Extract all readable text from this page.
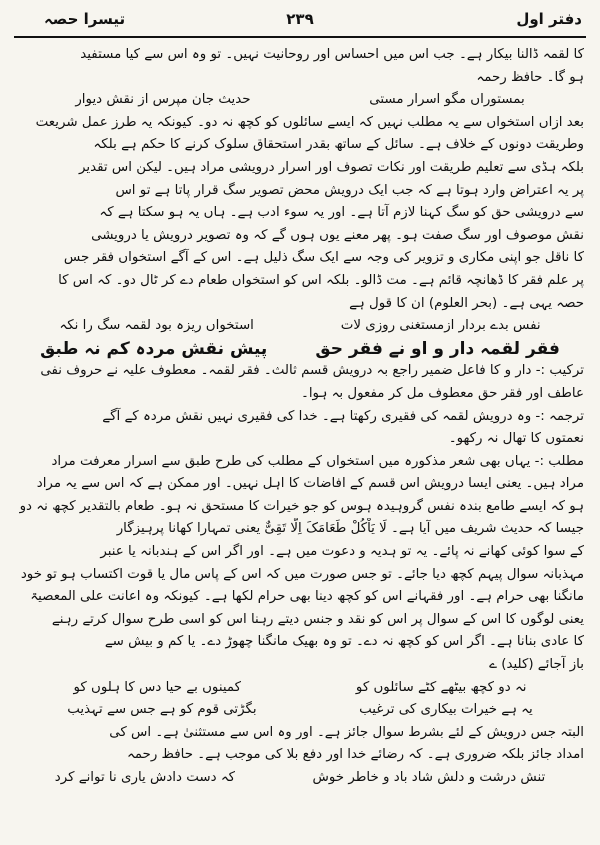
دفتر اول
٢٣٩
تیسرا حصہ
کا لقمہ ڈالنا بیکار ہے۔ جب اس میں احساس اور روحانیت نہیں۔ تو وہ اس سے کیا مستفید
ہو گا۔ حافظ رحمہ
بمستوراں مگو اسرار مستی
حدیث جان مپرس از نقش دیوار
بعد ازاں استخواں سے یہ مطلب نہیں کہ ایسے سائلوں کو کچھ نہ دو۔ کیونکہ یہ طرز عمل شریعت
وطریقت دونوں کے خلاف ہے۔ سائل کے ساتھ بقدر استحقاق سلوک کرنے کا حکم ہے بلکہ
بلکہ ہڈی سے تعلیم طریقت اور نکات تصوف اور اسرار درویشی مراد ہیں۔ لیکن اس تقدیر
پر یہ اعتراض وارد ہوتا ہے کہ جب ایک درویش محض تصویر سگ قرار پاتا ہے تو اس
سے درویشی حق کو سگ کہنا لازم آتا ہے۔ اور یہ سوء ادب ہے۔ ہاں یہ ہو سکتا ہے کہ
نقش موصوف اور سگ صفت ہو۔ پھر معنے یوں ہوں گے کہ وہ تصویر درویش یا درویشی
کا ناقل جو اپنی مکاری و تزویر کی وجہ سے ایک سگ ذلیل ہے۔ اس کے آگے استخواں فقر جس
پر علم فقر کا ڈھانچہ قائم ہے۔ مت ڈالو۔ بلکہ اس کو استخواں طعام دے کر ٹال دو۔ کہ اس کا
حصہ یہی ہے۔ (بحر العلوم) ان کا قول ہے
نفس بدے بردار ازمستغنی روزی لات
استخواں ریزہ بود لقمہ سگ را نکہ
فقر لقمہ دار و او نے فقر حق
پیش نقش مردہ کم نہ طبق
ترکیب :- دار و کا فاعل ضمیر راجع بہ درویش قسم ثالث۔ فقر لقمہ۔ معطوف علیہ نے حروف نفی
عاطف اور فقر حق معطوف مل کر مفعول بہ ہوا۔
ترجمہ :- وہ درویش لقمہ کی فقیری رکھتا ہے۔ خدا کی فقیری نہیں نقش مردہ کے آگے
نعمتوں کا تھال نہ رکھو۔
مطلب :- یہاں بھی شعر مذکورہ میں استخواں کے مطلب کی طرح طبق سے اسرار معرفت مراد
مراد ہیں۔ یعنی ایسا درویش اس قسم کے افاضات کا اہل نہیں۔ اور ممکن ہے کہ اس سے یہ مراد
ہو کہ ایسے طامع بندہ نفس گروہیدہ ہوس کو جو خیرات کا مستحق نہ ہو۔ طعام بالتقدیر کچھ نہ دو
جیسا کہ حدیث شریف میں آیا ہے۔ لَا یَاْکُلْ طَعَامَکَ اِلَّا تَقِیٌّ یعنی تمہارا کھانا پرہیزگار
کے سوا کوئی کھانے نہ پائے۔ یہ تو ہدیہ و دعوت میں ہے۔ اور اگر اس کے ہندبانہ یا عنبر
مہذبانہ سوال پیہم کچھ دیا جائے۔ تو جس صورت میں کہ اس کے پاس مال یا قوت اکتساب ہو تو خود
مانگنا بھی حرام ہے۔ اور فقہانے اس کو کچھ دینا بھی حرام لکھا ہے۔ کیونکہ وہ اعانت علی المعصیۃ
یعنی لوگوں کا اس کے سوال پر اس کو نقد و جنس دیتے رہنا اس کو اسی طرح سوال کرتے رہنے
کا عادی بنانا ہے۔ اگر اس کو کچھ نہ دے۔ تو وہ بھیک مانگنا چھوڑ دے۔ یا کم و بیش سے
باز آجائے (کلید) ے
نہ دو کچھ بیٹھے کٹے سائلوں کو
کمینوں بے حیا دس کا ہلوں کو
یہ ہے خیرات بیکاری کی ترغیب
بگڑتی قوم کو ہے جس سے تہذیب
البتہ جس درویش کے لئے بشرط سوال جائز ہے۔ اور وہ اس سے مستثنیٰ ہے۔ اس کی
امداد جائز بلکہ ضروری ہے۔ کہ رضائے خدا اور دفع بلا کی موجب ہے۔ حافظ رحمہ
تنش درشت و دلش شاد باد و خاطر خوش
کہ دست دادش یاری نا توانے کرد
